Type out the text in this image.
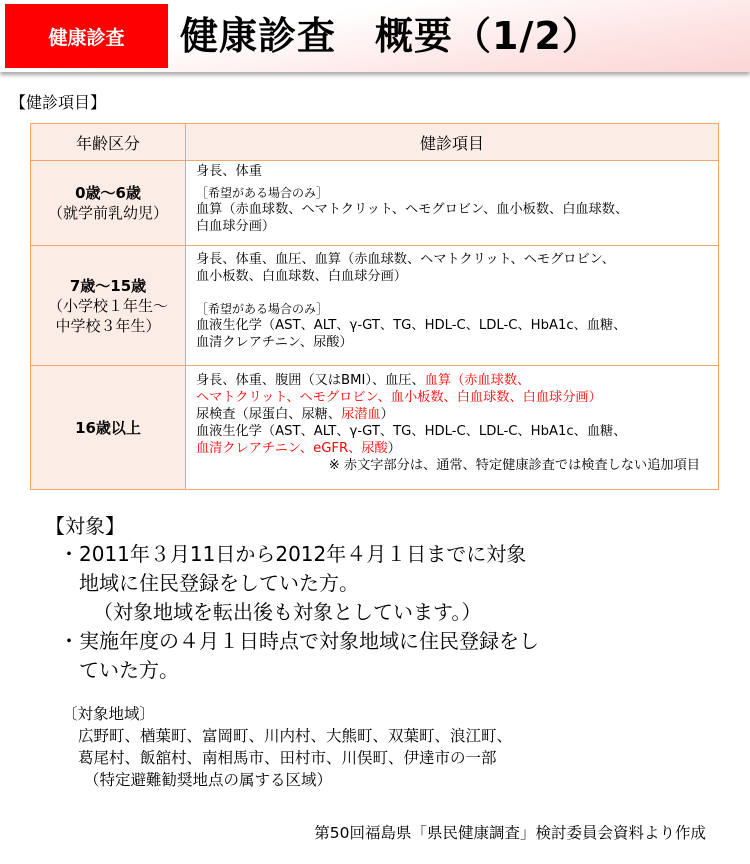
健康診査	健康診査　概要（1/2）
【健診項目】
年齢区分	健診項目

0歳～6歳
（就学前乳幼児）

身長、体重
［希望がある場合のみ］
血算（赤血球数、ヘマトクリット、ヘモグロビン、血小板数、白血球数、
白血球分画）

7歳～15歳
（小学校１年生～
中学校３年生）

身長、体重、血圧、血算（赤血球数、ヘマトクリット、ヘモグロビン、
血小板数、白血球数、白血球分画）
［希望がある場合のみ］
血液生化学（AST、ALT、γ-GT、TG、HDL-C、LDL-C、HbA1c、血糖、
血清クレアチニン、尿酸）

16歳以上

身長、体重、腹囲（又はBMI）、血圧、血算（赤血球数、
ヘマトクリット、ヘモグロビン、血小板数、白血球数、白血球分画）
尿検査（尿蛋白、尿糖、尿潜血）
血液生化学（AST、ALT、γ-GT、TG、HDL-C、LDL-C、HbA1c、血糖、
血清クレアチニン、eGFR、尿酸）
※ 赤文字部分は、通常、特定健康診査では検査しない追加項目
【対象】
・2011年３月11日から2012年４月１日までに対象
地域に住民登録をしていた方。
（対象地域を転出後も対象としています。）
・実施年度の４月１日時点で対象地域に住民登録をし
ていた方。
〔対象地域〕
広野町、楢葉町、富岡町、川内村、大熊町、双葉町、浪江町、
葛尾村、飯舘村、南相馬市、田村市、川俣町、伊達市の一部
（特定避難勧奨地点の属する区域）
第50回福島県「県民健康調査」検討委員会資料より作成
